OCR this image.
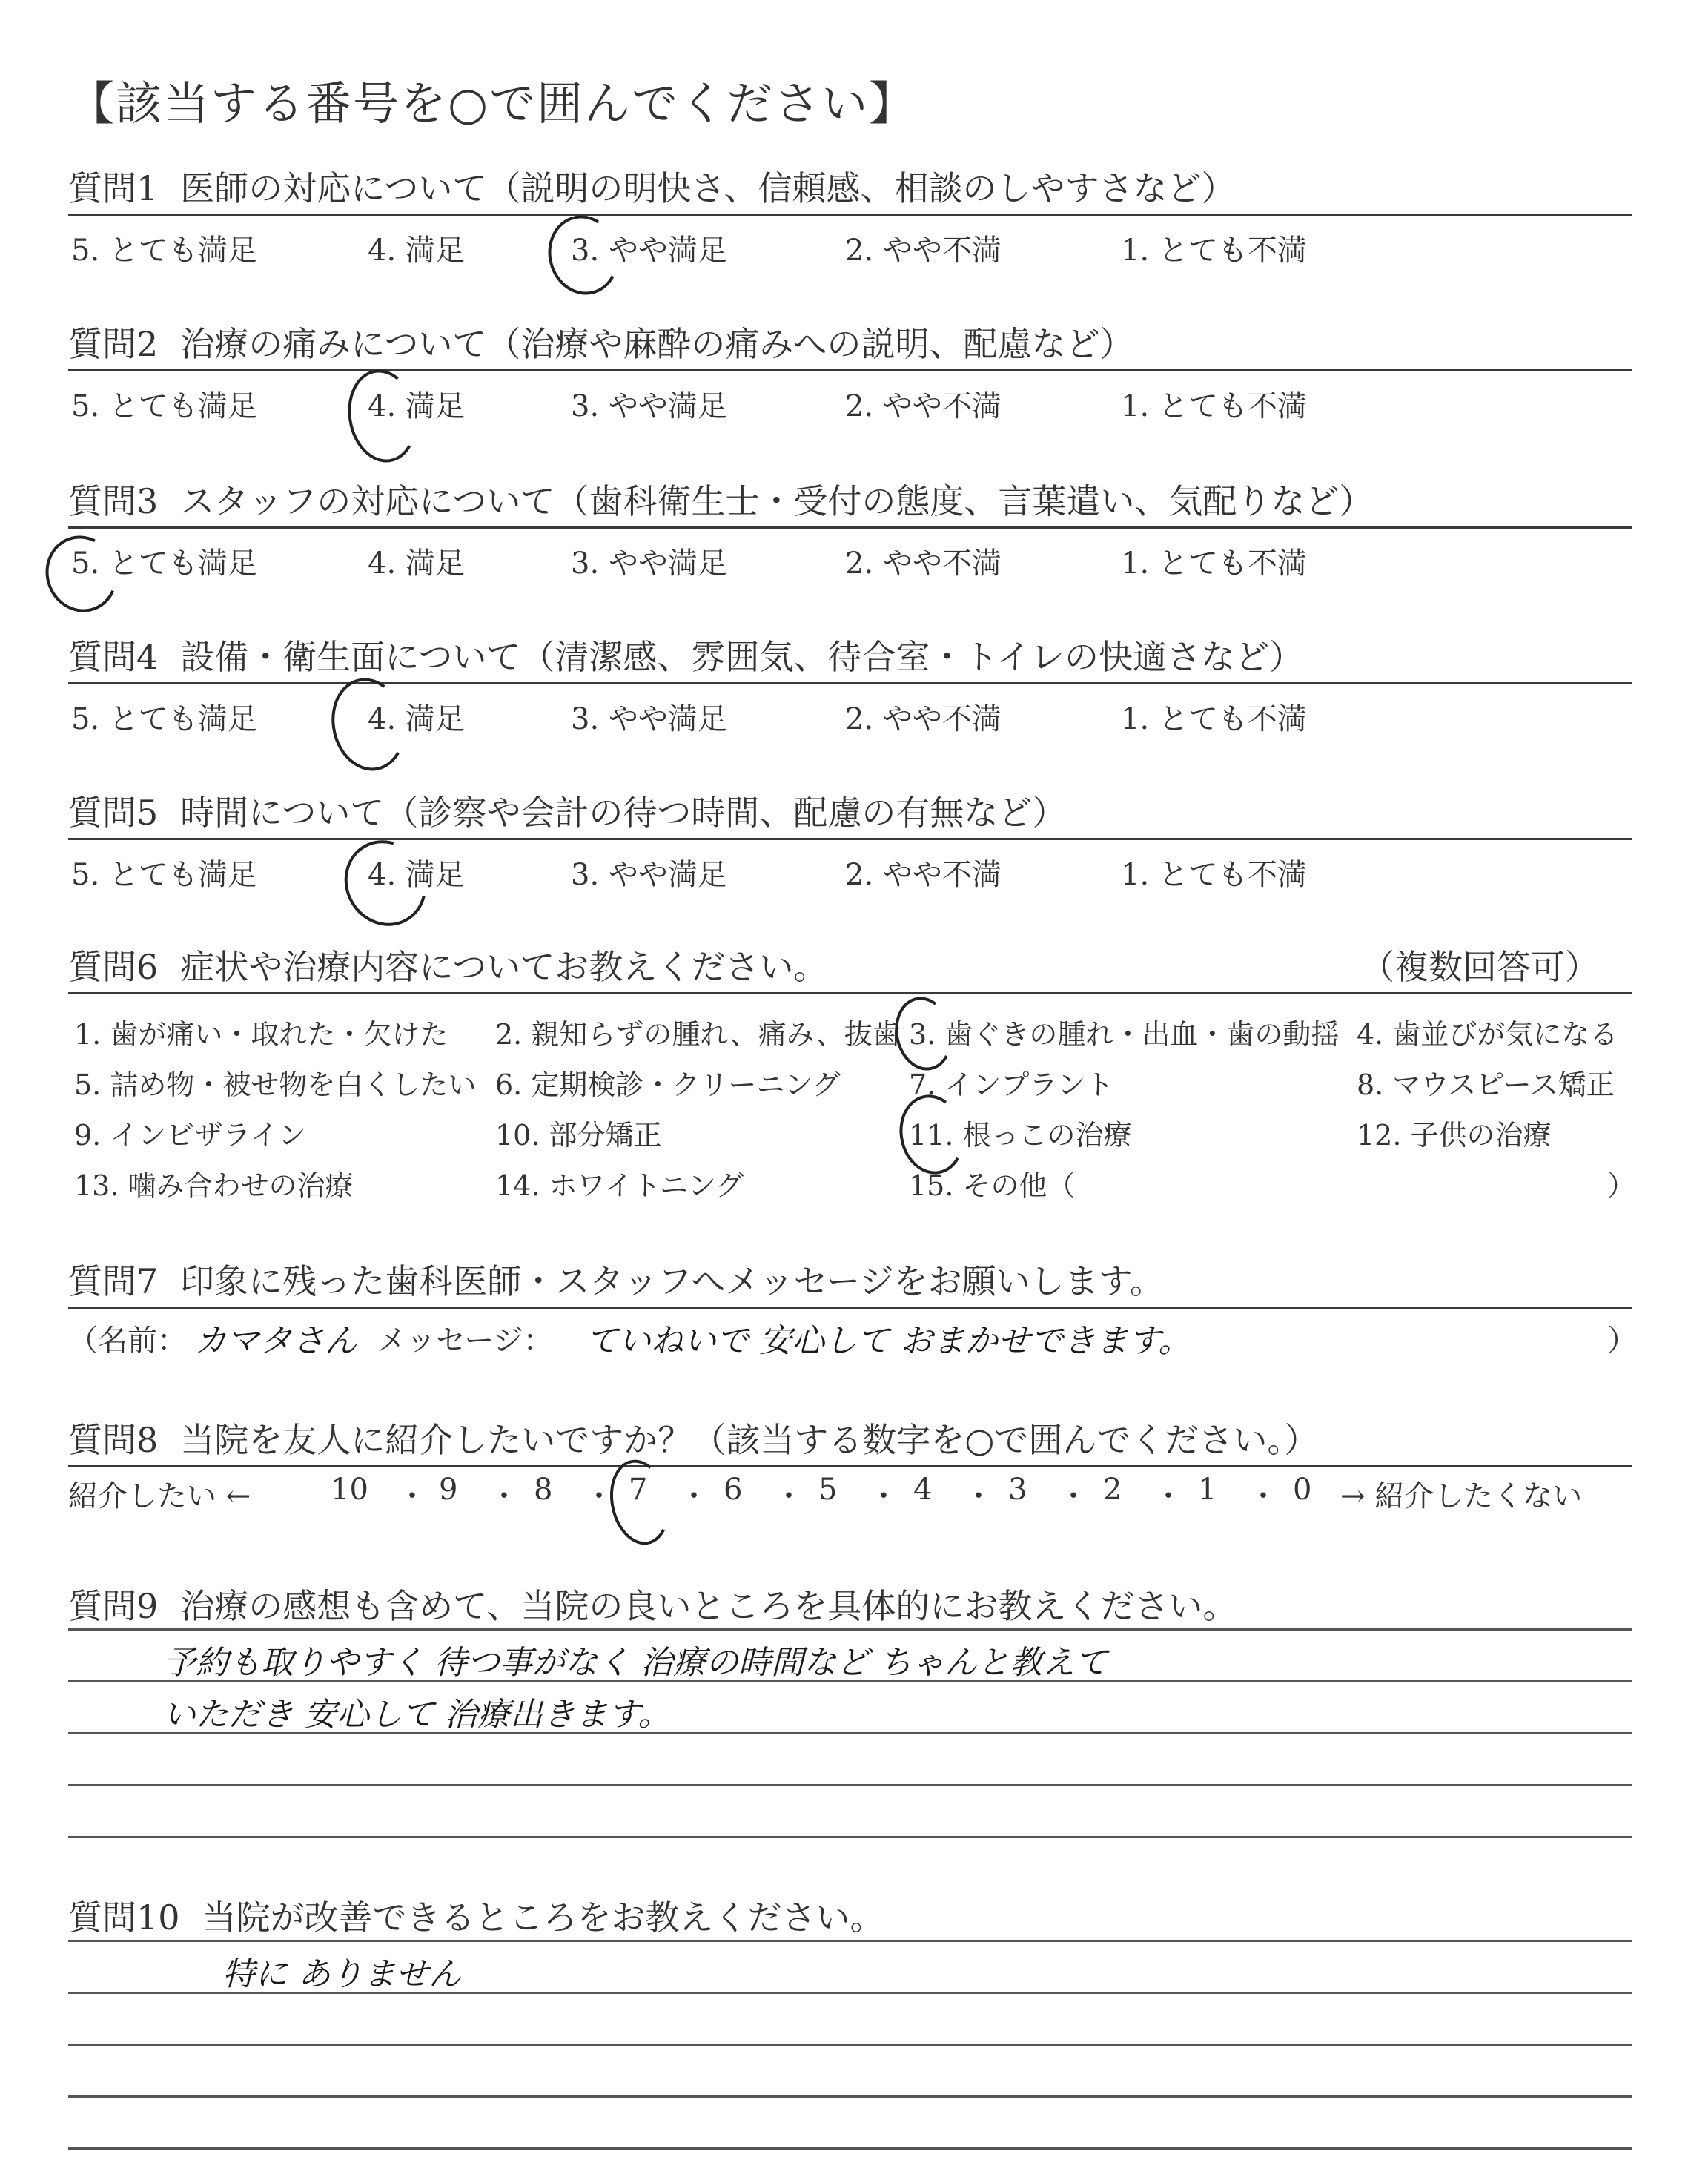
【該当する番号を○で囲んでください】
質問1 医師の対応について（説明の明快さ、信頼感、相談のしやすさなど）
5. とても満足	4. 満足	3. やや満足	2. やや不満	1. とても不満
質問2 治療の痛みについて（治療や麻酔の痛みへの説明、配慮など）
5. とても満足	4. 満足	3. やや満足	2. やや不満	1. とても不満
質問3 スタッフの対応について（歯科衛生士・受付の態度、言葉遣い、気配りなど）
5. とても満足	4. 満足	3. やや満足	2. やや不満	1. とても不満
質問4 設備・衛生面について（清潔感、雰囲気、待合室・トイレの快適さなど）
5. とても満足	4. 満足	3. やや満足	2. やや不満	1. とても不満
質問5 時間について（診察や会計の待つ時間、配慮の有無など）
5. とても満足	4. 満足	3. やや満足	2. やや不満	1. とても不満
質問6 症状や治療内容についてお教えください。	（複数回答可）
1. 歯が痛い・取れた・欠けた 2. 親知らずの腫れ、痛み、抜歯 3. 歯ぐきの腫れ・出血・歯の動揺 4. 歯並びが気になる
5. 詰め物・被せ物を白くしたい 6. 定期検診・クリーニング 7. インプラント	8. マウスピース矯正
9. インビザライン	10. 部分矯正	11. 根っこの治療	12. 子供の治療
13. 噛み合わせの治療	14. ホワイトニング	15. その他（	）
質問7 印象に残った歯科医師・スタッフへメッセージをお願いします。
（名前： カマタさん メッセージ： ていねいで 安心して おまかせできます。	）
質問8 当院を友人に紹介したいですか？（該当する数字を○で囲んでください。）
紹介したい ←	10 ・ 9 ・ 8 ・ 7 ・ 6 ・ 5 ・ 4 ・ 3 ・ 2 ・ 1 ・ 0 → 紹介したくない
質問9 治療の感想も含めて、当院の良いところを具体的にお教えください。
予約も取りやすく 待つ事がなく 治療の時間など ちゃんと教えて
いただき 安心して 治療出きます。
質問10 当院が改善できるところをお教えください。
特に ありません
